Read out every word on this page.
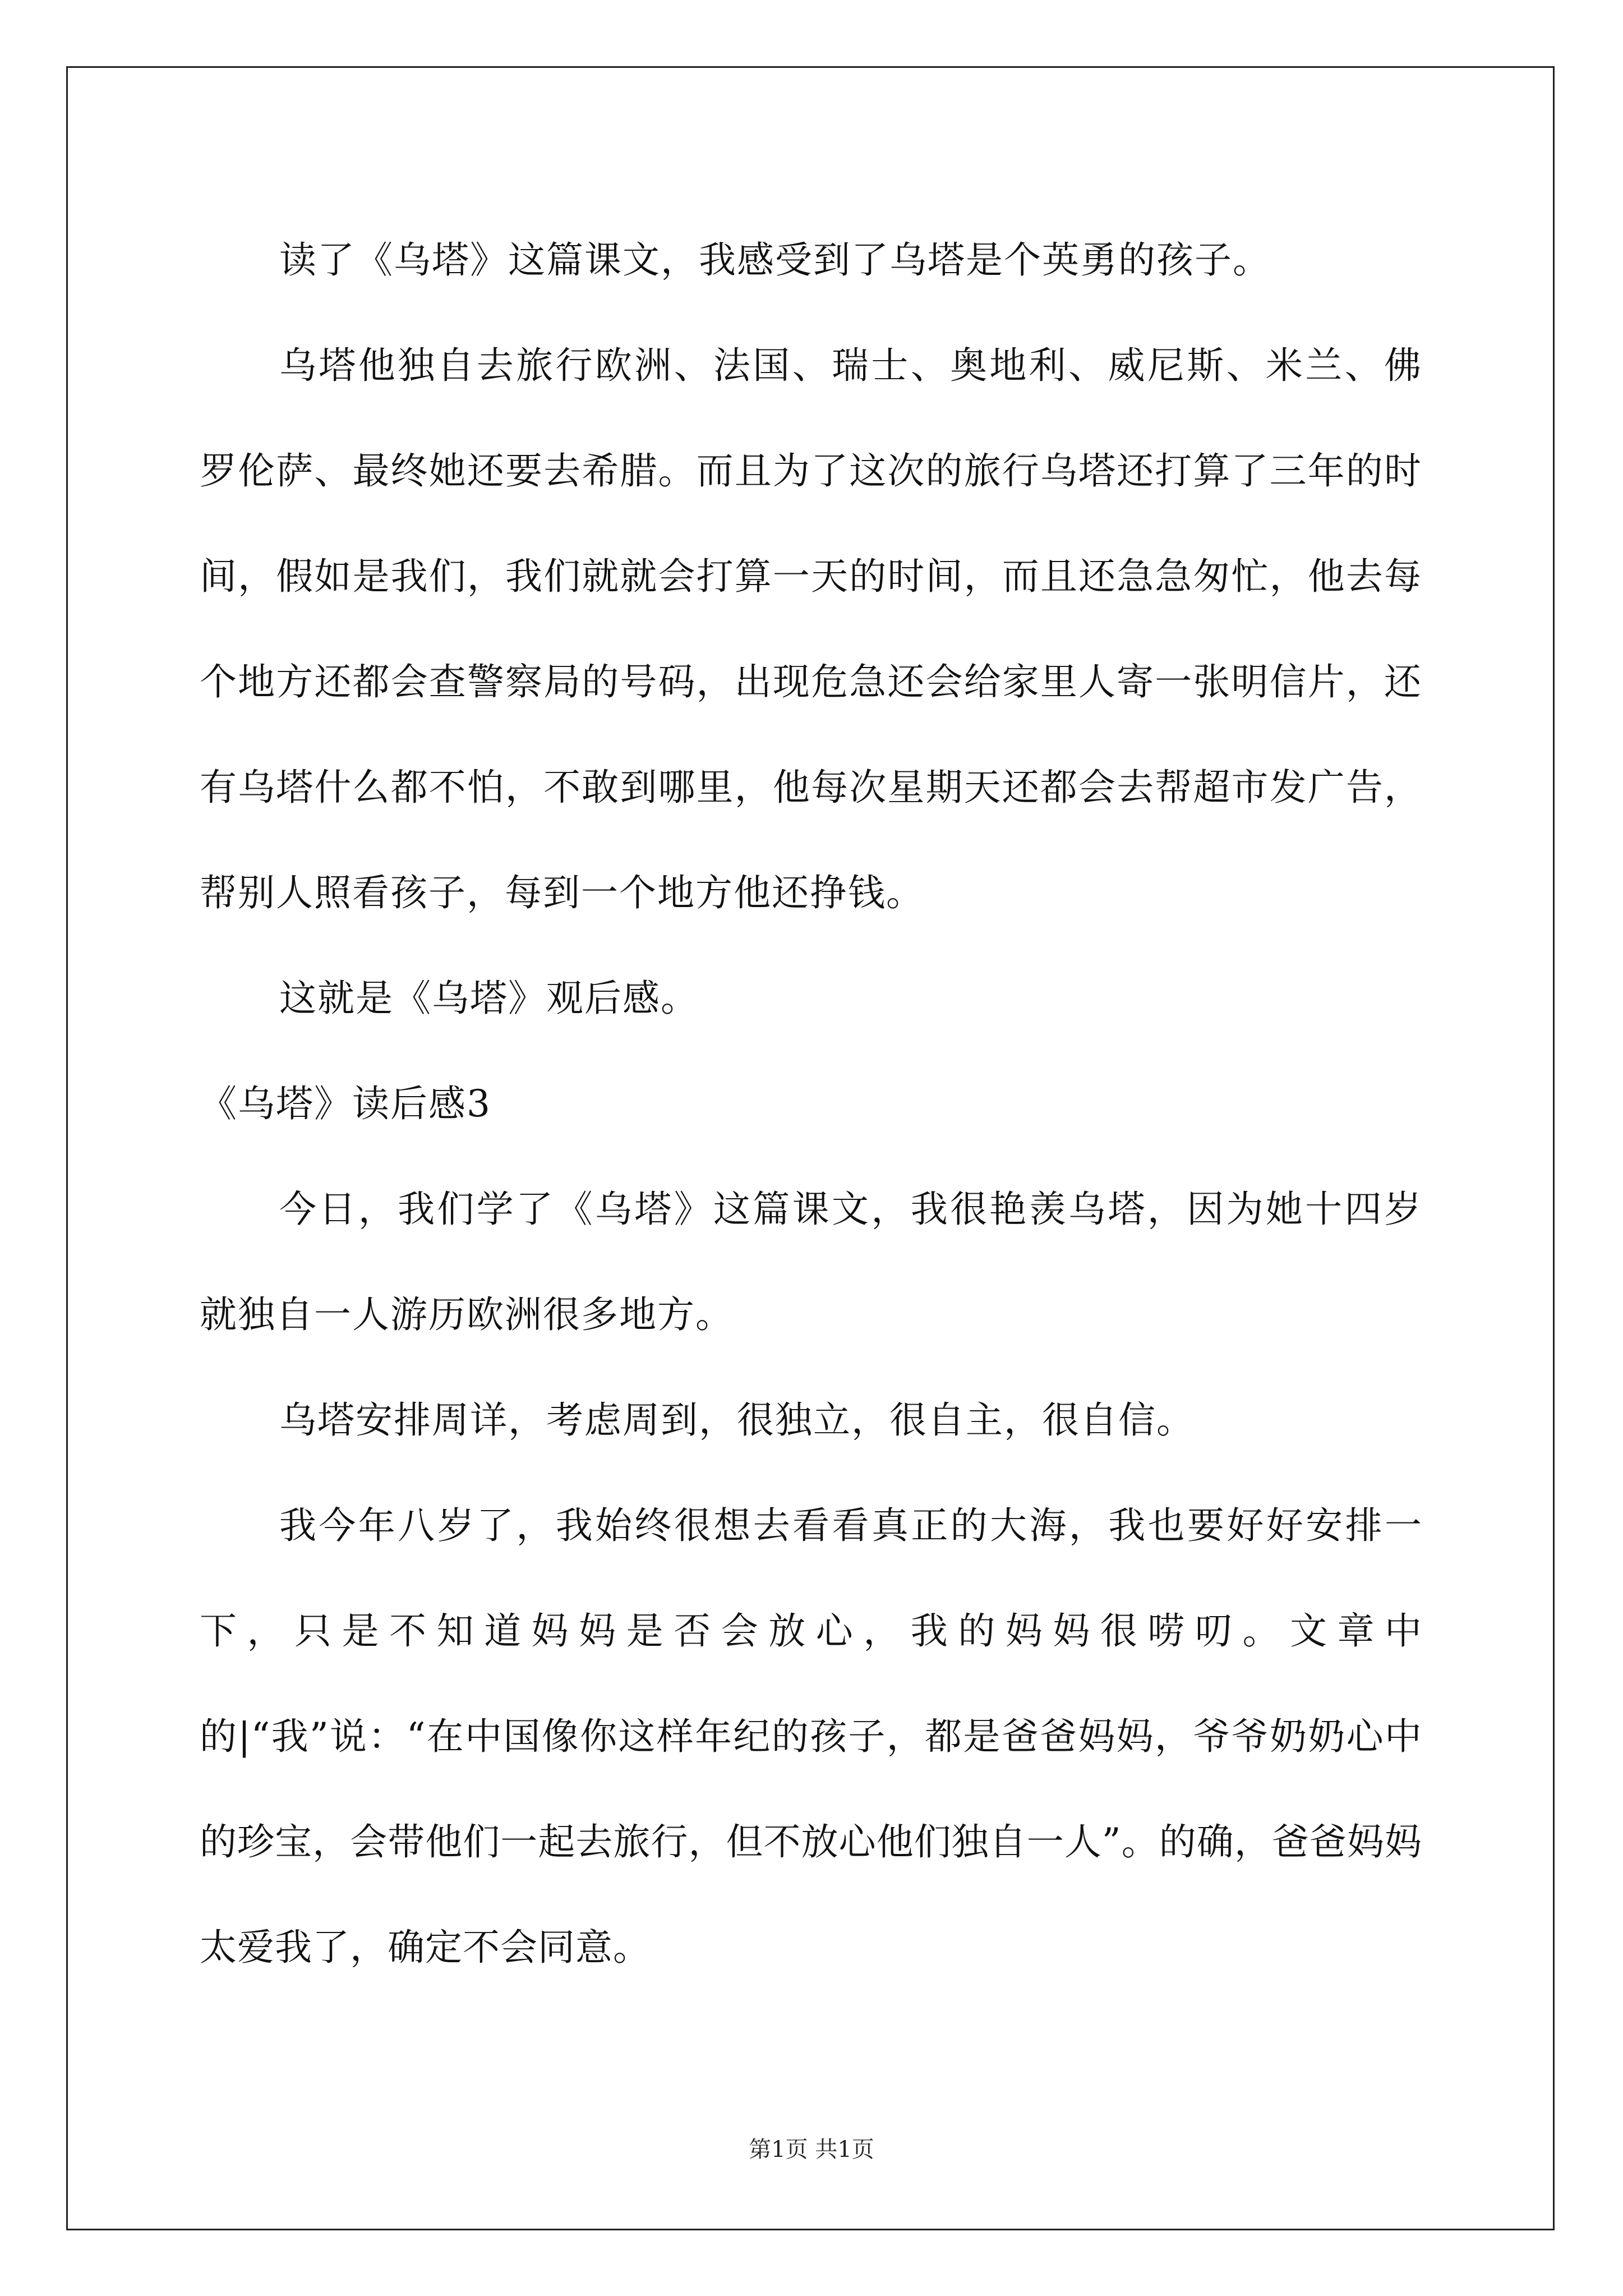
读了《乌塔》这篇课文，我感受到了乌塔是个英勇的孩子。

乌塔他独自去旅行欧洲、法国、瑞士、奥地利、威尼斯、米兰、佛罗伦萨、最终她还要去希腊。而且为了这次的旅行乌塔还打算了三年的时间，假如是我们，我们就就会打算一天的时间，而且还急急匆忙，他去每个地方还都会查警察局的号码，出现危急还会给家里人寄一张明信片，还有乌塔什么都不怕，不敢到哪里，他每次星期天还都会去帮超市发广告，帮别人照看孩子，每到一个地方他还挣钱。

这就是《乌塔》观后感。

《乌塔》读后感3

今日，我们学了《乌塔》这篇课文，我很艳羡乌塔，因为她十四岁就独自一人游历欧洲很多地方。

乌塔安排周详，考虑周到，很独立，很自主，很自信。

我今年八岁了，我始终很想去看看真正的大海，我也要好好安排一下，只是不知道妈妈是否会放心，我的妈妈很唠叨。文章中的|“我”说：“在中国像你这样年纪的孩子，都是爸爸妈妈，爷爷奶奶心中的珍宝，会带他们一起去旅行，但不放心他们独自一人”。的确，爸爸妈妈太爱我了，确定不会同意。

第1页 共1页
